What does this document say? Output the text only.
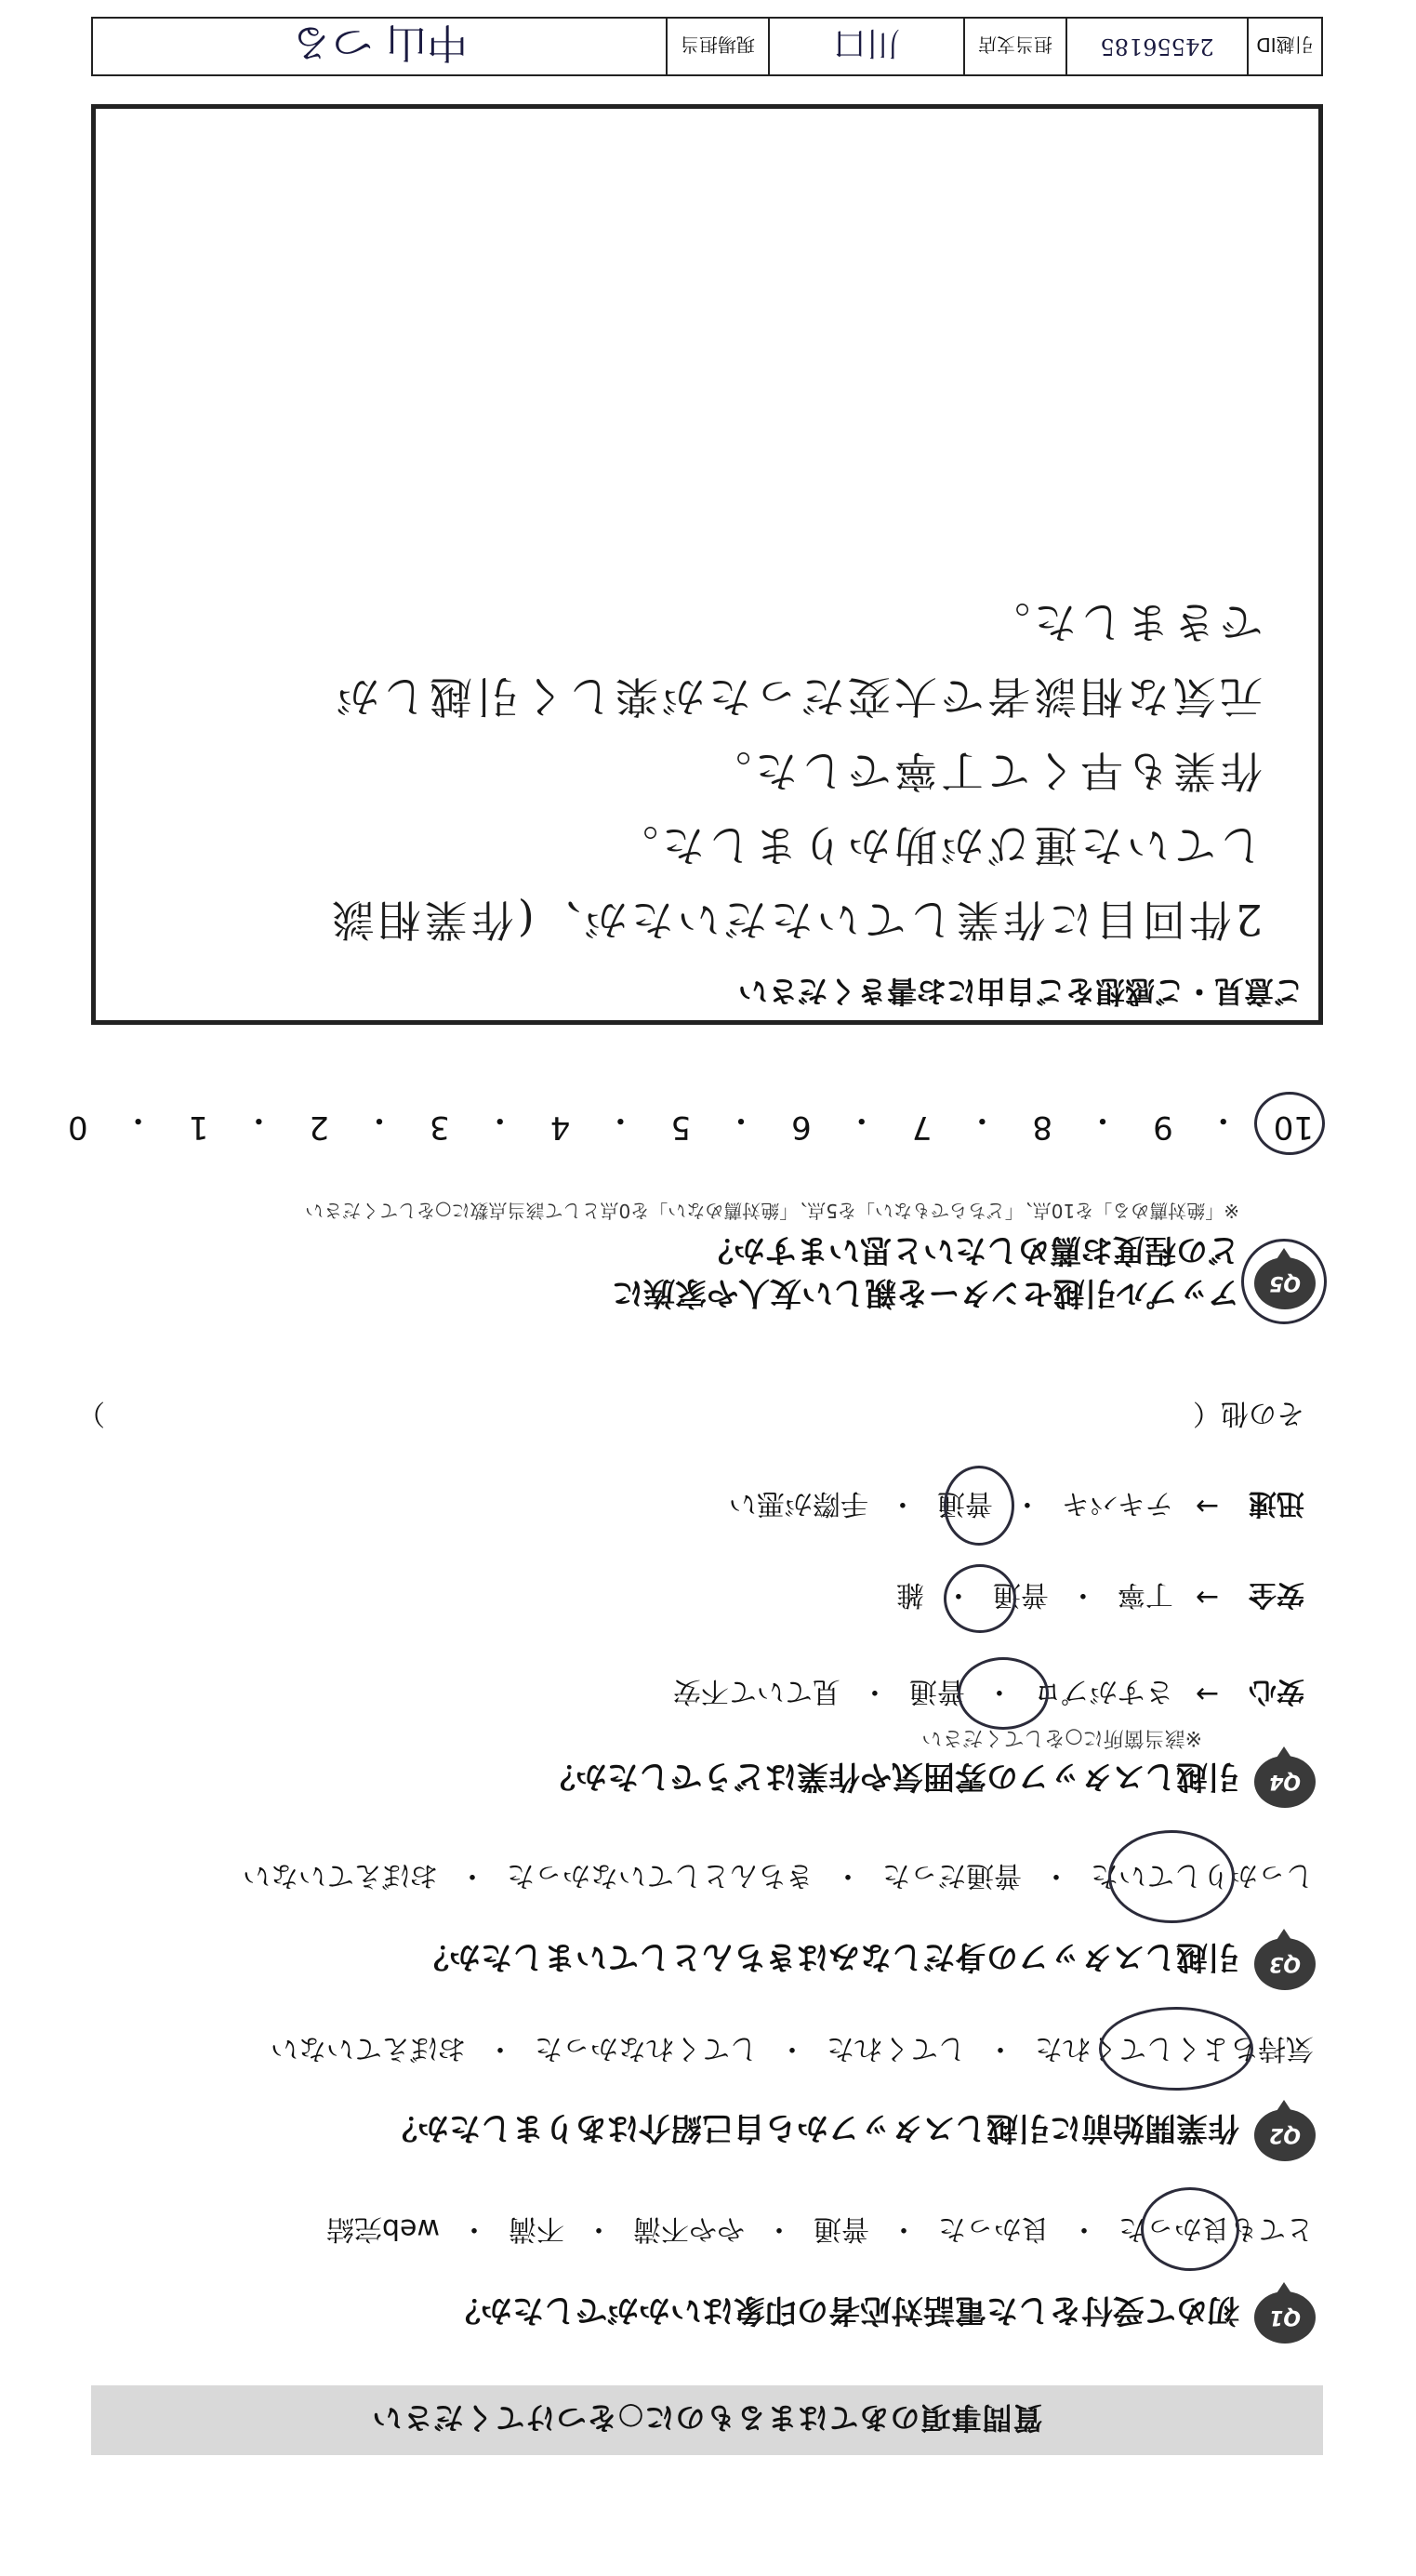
質問事項のあてはまるものに○をつけてください
Q1
初めて受付をした電話対応者の印象はいかがでしたか？
とても良かった
・
良かった
・
普通
・
やや不満
・
不満
・
web完結
Q2
作業開始前に引越しスタッフから自己紹介はありましたか？
気持ちよくしてくれた
・
してくれた
・
してくれなかった
・
おぼえていない
Q3
引越しスタッフの身だしなみはきちんとしていましたか？
しっかりしていた
・
普通だった
・
きちんとしていなかった
・
おぼえていない
Q4
引越しスタッフの雰囲気や作業はどうでしたか？
※該当箇所に○をしてください
安心
→
さすがプロ
・
普通
・
見ていて不安
安全
→
丁寧
・
普通
・
雑
迅速
→
テキパキ
・
普通
・
手際が悪い
その他（
）
Q5
アップル引越センターを親しい友人や家族に
どの程度お薦めしたいと思いますか？
※「絶対薦める」を10点、「どちらでもない」を5点、「絶対薦めない」を0点として該当点数に○をしてください
10
・
9
・
8
・
7
・
6
・
5
・
4
・
3
・
2
・
1
・
0
ご意見・ご感想をご自由にお書きください
2件回目に作業していただいたが、(作業相談
していた運びが助かりました。
作業も早くて丁寧でした。
元気な相談者で大変だったが楽しく引越しが
できました。
引越ID
24556185
担当支店
川口
現場担当
中山 つる
